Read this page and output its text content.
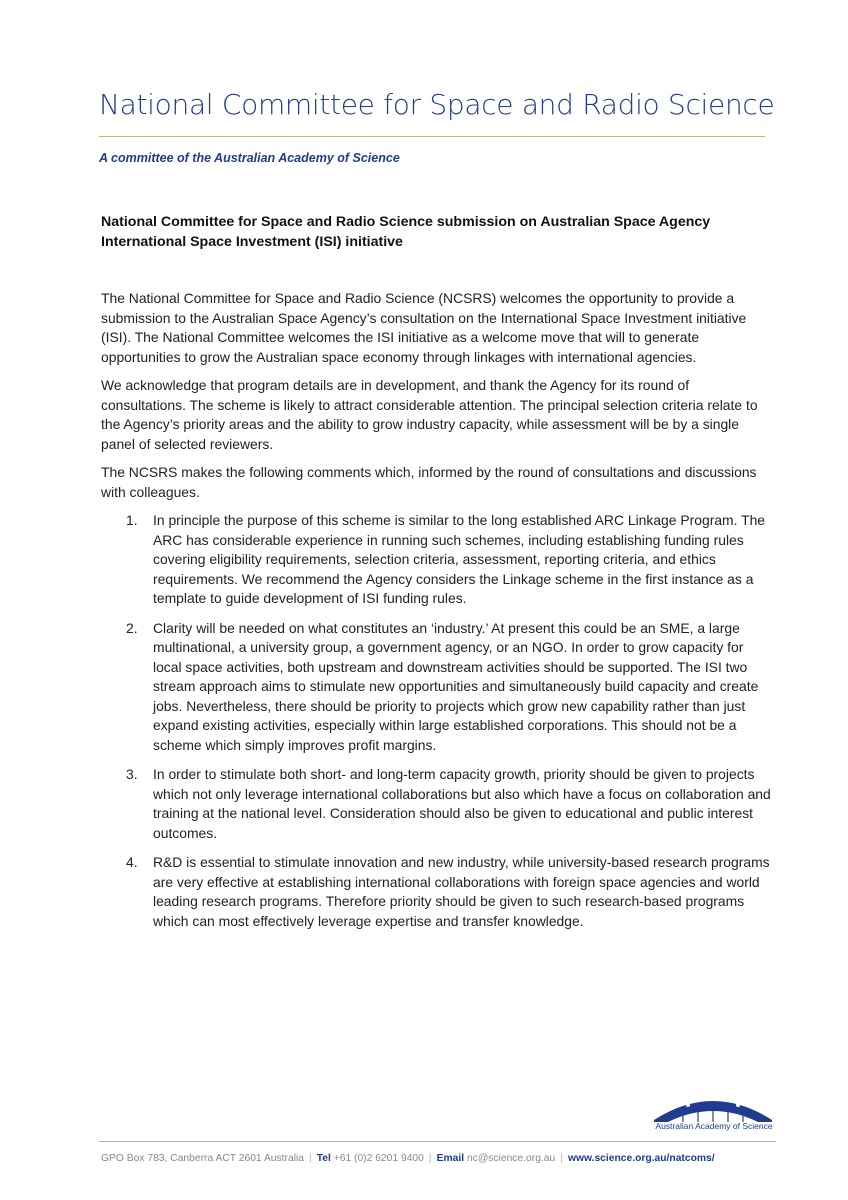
National Committee for Space and Radio Science
A committee of the Australian Academy of Science
National Committee for Space and Radio Science submission on Australian Space Agency International Space Investment (ISI) initiative

The National Committee for Space and Radio Science (NCSRS) welcomes the opportunity to provide a submission to the Australian Space Agency’s consultation on the International Space Investment initiative (ISI). The National Committee welcomes the ISI initiative as a welcome move that will to generate opportunities to grow the Australian space economy through linkages with international agencies.

We acknowledge that program details are in development, and thank the Agency for its round of consultations. The scheme is likely to attract considerable attention. The principal selection criteria relate to the Agency’s priority areas and the ability to grow industry capacity, while assessment will be by a single panel of selected reviewers.

The NCSRS makes the following comments which, informed by the round of consultations and discussions with colleagues.

1. In principle the purpose of this scheme is similar to the long established ARC Linkage Program. The ARC has considerable experience in running such schemes, including establishing funding rules covering eligibility requirements, selection criteria, assessment, reporting criteria, and ethics requirements. We recommend the Agency considers the Linkage scheme in the first instance as a template to guide development of ISI funding rules.
2. Clarity will be needed on what constitutes an ‘industry.’ At present this could be an SME, a large multinational, a university group, a government agency, or an NGO. In order to grow capacity for local space activities, both upstream and downstream activities should be supported. The ISI two stream approach aims to stimulate new opportunities and simultaneously build capacity and create jobs. Nevertheless, there should be priority to projects which grow new capability rather than just expand existing activities, especially within large established corporations. This should not be a scheme which simply improves profit margins.
3. In order to stimulate both short- and long-term capacity growth, priority should be given to projects which not only leverage international collaborations but also which have a focus on collaboration and training at the national level. Consideration should also be given to educational and public interest outcomes.
4. R&D is essential to stimulate innovation and new industry, while university-based research programs are very effective at establishing international collaborations with foreign space agencies and world leading research programs. Therefore priority should be given to such research-based programs which can most effectively leverage expertise and transfer knowledge.
Australian Academy of Science
GPO Box 783, Canberra ACT 2601 Australia | Tel +61 (0)2 6201 9400 | Email nc@science.org.au | www.science.org.au/natcoms/
